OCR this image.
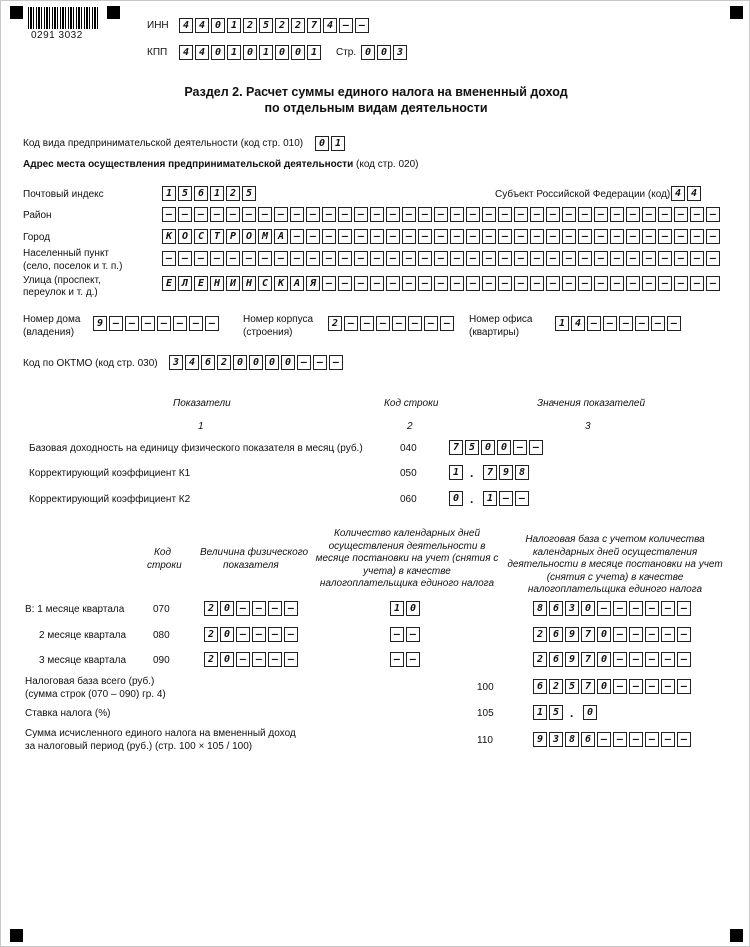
0291 3032
ИНН	4 4 0 1 2 5 2 2 7 4 – –
КПП	4 4 0 1 0 1 0 0 1	Стр. 0 0 3
Раздел 2. Расчет суммы единого налога на вмененный доход
по отдельным видам деятельности
Код вида предпринимательской деятельности (код стр. 010)	0 1
Адрес места осуществления предпринимательской деятельности (код стр. 020)
Почтовый индекс	1 5 6 1 2 5	Субъект Российской Федерации (код) 4 4
Район	– – – – – – – – – – – – – – – – – – – – – – – – – – – – – – – – – – –
Город	К О С Т Р О М А – – – – – – – – – – – – – – – – – – – – – – – – – – –
Населенный пункт
(село, поселок и т. п.)
– – – – – – – – – – – – – – – – – – – – – – – – – – – – – – – – – – –
Улица (проспект,
переулок и т. д.)
Е Л Е Н И Н С К А Я – – – – – – – – – – – – – – – – – – – – – – – – –
Номер дома
(владения)
9 – – – – – – –	Номер корпуса
(строения)
2 – – – – – – –	Номер офиса
(квартиры)
1 4 – – – – – –
Код по ОКТМО (код стр. 030)	3 4 6 2 0 0 0 0 – – –
Показатели	Код строки	Значения показателей
1	2	3
Базовая доходность на единицу физического показателя в месяц (руб.)	040	7 5 0 0 – –
Корректирующий коэффициент К1	050	1 .	7 9 8
Корректирующий коэффициент К2	060	0 .	1 – –
Код
строки
Величина физического
показателя
Количество календарных дней осуществления деятельности в месяце постановки на учет (снятия с учета) в качестве налогоплательщика единого налога
Налоговая база с учетом количества календарных дней осуществления деятельности в месяце постановки на учет (снятия с учета) в качестве налогоплательщика единого налога
В: 1 месяце квартала	070	2 0 – – – –	1 0	8 6 3 0 – – – – – –
2 месяце квартала	080	2 0 – – – –	– –	2 6 9 7 0 – – – – –
3 месяце квартала	090	2 0 – – – –	– –	2 6 9 7 0 – – – – –
Налоговая база всего (руб.)
(сумма строк (070 – 090) гр. 4)
100	6 2 5 7 0 – – – – –
Ставка налога (%)	105	1 5 .	0
Сумма исчисленного единого налога на вмененный доход
за налоговый период (руб.) (стр. 100 × 105 / 100)
110	9 3 8 6 – – – – – –
